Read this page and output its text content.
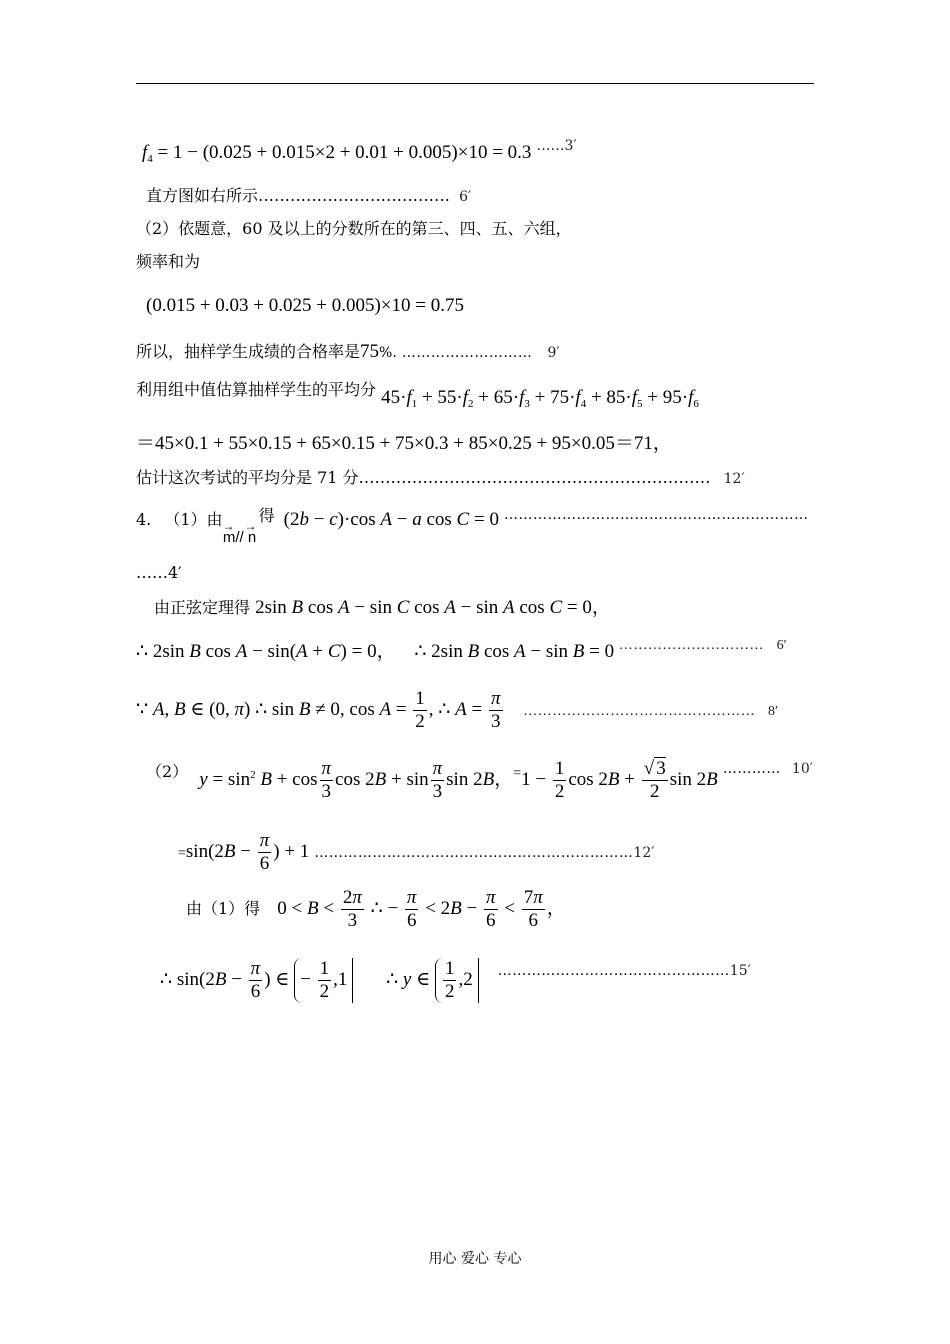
$f_4 = 1 - (0.025 + 0.015\times 2 + 0.01 + 0.005)\times 10 = 0.3$ ……3′
直方图如右所示……………………………… 6′
（2）依题意，60 及以上的分数所在的第三、四、五、六组，
频率和为
(0.015 + 0.03 + 0.025 + 0.005)×10 = 0.75
所以，抽样学生成绩的合格率是75%. ……………………… 9′
利用组中值估算抽样学生的平均分 $45\cdot f_1 + 55\cdot f_2 + 65\cdot f_3 + 75\cdot f_4 + 85\cdot f_5 + 95\cdot f_6$
＝45×0.1 + 55×0.15 + 65×0.15 + 75×0.3 + 85×0.25 + 95×0.05＝71，
估计这次考试的平均分是 71 分………………………………………………………… 12′
4. （1）由 →   →
m// n得 (2b − c)·cos A − a cos C = 0 ………………………………………………………
……4′
由正弦定理得 2sin B cos A − sin C cos A − sin A cos C = 0，
∴ 2sin B cos A − sin(A + C) = 0， ∴ 2sin B cos A − sin B = 0 ………………………… $^{6'}$
∵ A, B ∈ (0, π) ∴ sin B ≠ 0, $\cos A = \frac{1}{2}$ , ∴ $A = \frac{\pi}{3}$ ………………………………………… 8′
（2） $y = \sin^2 B + \cos \frac{\pi}{3}$ $\cos 2B + \sin \frac{\pi}{3}$ sin 2B，$^=1 - \frac{1}{2}$ $\cos 2B + \frac{√ 3}{2}$ sin 2B ………… 10′
$=\sin(2B - \frac{\pi}{6}$ ) + 1 …………………………………………………………12′
由（1）得 $0 < B < \frac{2\pi}{3}$ ∴ − $\frac{\pi}{6} < 2B - \frac{\pi}{6} < \frac{7\pi}{6}$ ，
∴ $\sin(2B - \frac{\pi}{6}$ ) ∈ − $\frac{1}{2} ,1$ ∴ y ∈ $\frac{1}{2} ,2$ …………………………………………15′
用心 爱心 专心
